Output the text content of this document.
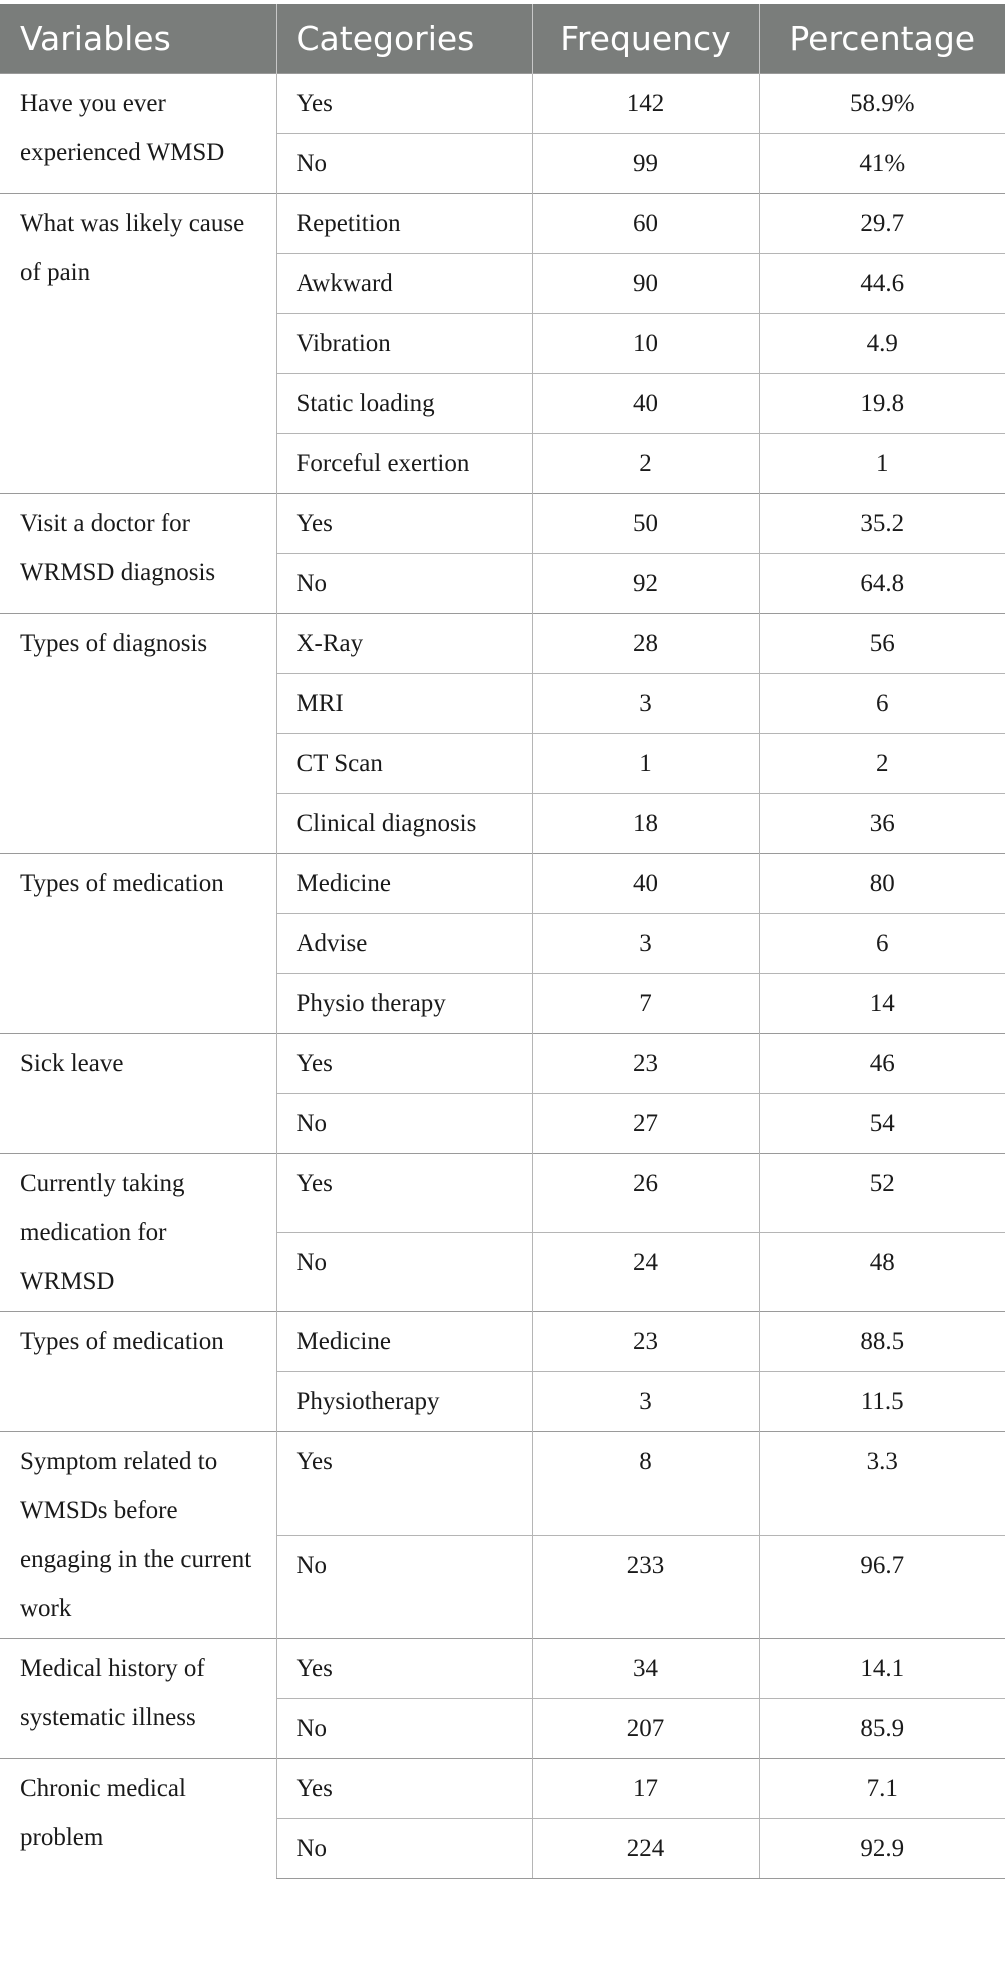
Variables	Categories	Frequency	Percentage
Have you ever experienced WMSD	Yes	142	58.9%
	No	99	41%
What was likely cause of pain	Repetition	60	29.7
	Awkward	90	44.6
	Vibration	10	4.9
	Static loading	40	19.8
	Forceful exertion	2	1
Visit a doctor for WRMSD diagnosis	Yes	50	35.2
	No	92	64.8
Types of diagnosis	X-Ray	28	56
	MRI	3	6
	CT Scan	1	2
	Clinical diagnosis	18	36
Types of medication	Medicine	40	80
	Advise	3	6
	Physio therapy	7	14
Sick leave	Yes	23	46
	No	27	54
Currently taking medication for WRMSD	Yes	26	52
	No	24	48
Types of medication	Medicine	23	88.5
	Physiotherapy	3	11.5
Symptom related to WMSDs before engaging in the current work	Yes	8	3.3
	No	233	96.7
Medical history of systematic illness	Yes	34	14.1
	No	207	85.9
Chronic medical problem	Yes	17	7.1
	No	224	92.9
